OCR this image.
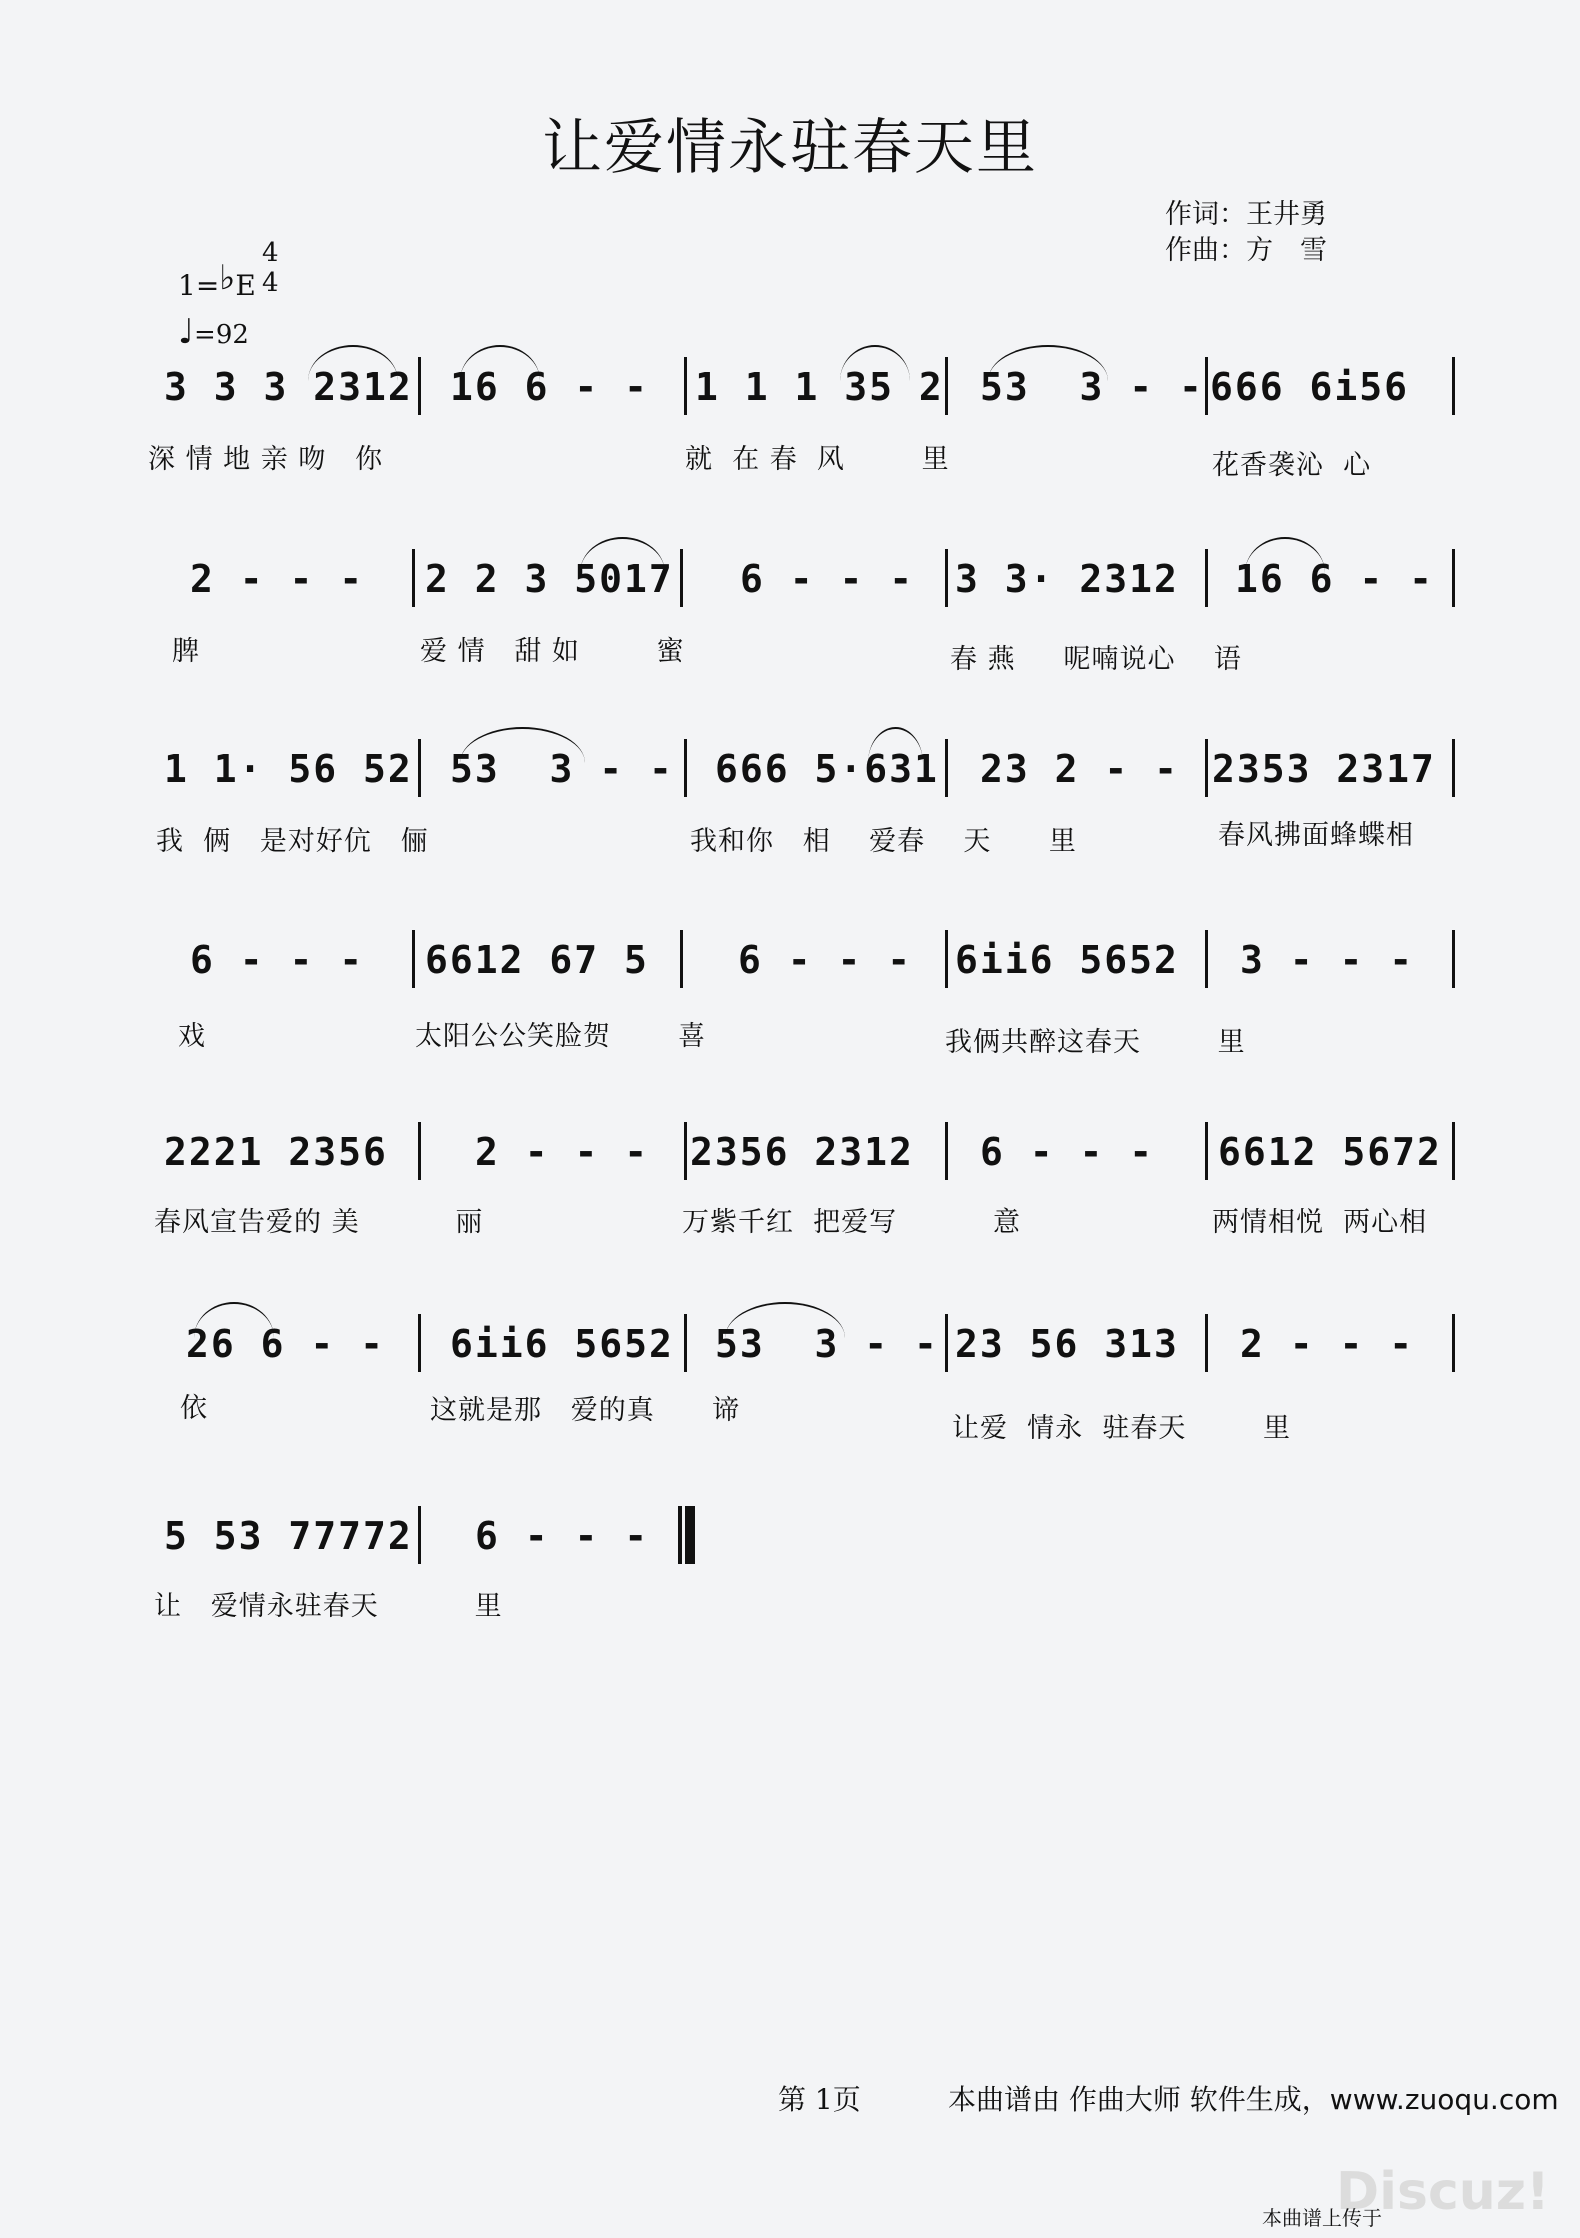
让爱情永驻春天里
作词：王井勇
作曲：方　雪
1=♭E
4
4
♩=92
3 3 3 2312 16 6 - - 1 1 1 35 2 53  3 - - 666 6i56
深 情 地 亲 吻   你	就  在 春  风        里	花香袭沁  心
2 - - - 2 2 3 5017 6 - - - 3 3· 2312 16 6 - -
脾	爱 情   甜 如        蜜	春 燕     呢喃说心    语
1 1· 56 52 53  3 - - 666 5·631 23 2 - - 2353 2317
我  俩   是对好伉   俪	我和你   相    爱春    天      里	春风拂面蜂蝶相
6 - - - 6612 67 5 6 - - - 6ii6 5652 3 - - -
戏	太阳公公笑脸贺       喜	我俩共醉这春天        里
2221 2356 2 - - - 2356 2312 6 - - - 6612 5672
春风宣告爱的 美          丽	万紫千红  把爱写          意	两情相悦  两心相
26 6 - - 6ii6 5652 53  3 - - 23 56 313 2 - - -
依	这就是那   爱的真      谛
让爱  情永  驻春天        里
5 53 77772 6 - - -
让   爱情永驻春天          里
第 1页	本曲谱由 作曲大师 软件生成，www.zuoqu.com
Discuz!
本曲谱上传于
